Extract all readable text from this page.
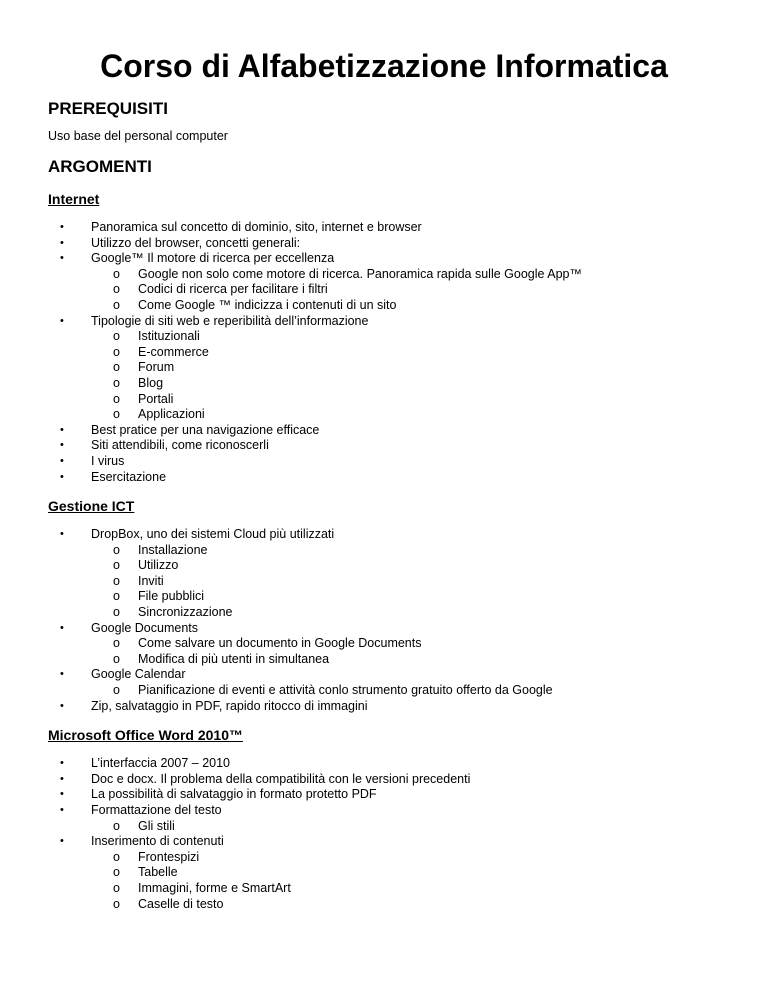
Corso di Alfabetizzazione Informatica
PREREQUISITI

Uso base del personal computer

ARGOMENTI
Internet
• Panoramica sul concetto di dominio, sito, internet e browser
• Utilizzo del browser, concetti generali:
• Google™ Il motore di ricerca per eccellenza
o Google non solo come motore di ricerca. Panoramica rapida sulle Google App™
o Codici di ricerca per facilitare i filtri
o Come Google ™ indicizza i contenuti di un sito
• Tipologie di siti web e reperibilità dell’informazione
o Istituzionali
o E-commerce
o Forum
o Blog
o Portali
o Applicazioni
• Best pratice per una navigazione efficace
• Siti attendibili, come riconoscerli
• I virus
• Esercitazione
Gestione ICT
• DropBox, uno dei sistemi Cloud più utilizzati
o Installazione
o Utilizzo
o Inviti
o File pubblici
o Sincronizzazione
• Google Documents
o Come salvare un documento in Google Documents
o Modifica di più utenti in simultanea
• Google Calendar
o Pianificazione di eventi e attività conlo strumento gratuito offerto da Google
• Zip, salvataggio in PDF, rapido ritocco di immagini
Microsoft Office Word 2010™
• L’interfaccia 2007 – 2010
• Doc e docx. Il problema della compatibilità con le versioni precedenti
• La possibilità di salvataggio in formato protetto PDF
• Formattazione del testo
o Gli stili
• Inserimento di contenuti
o Frontespizi
o Tabelle
o Immagini, forme e SmartArt
o Caselle di testo
